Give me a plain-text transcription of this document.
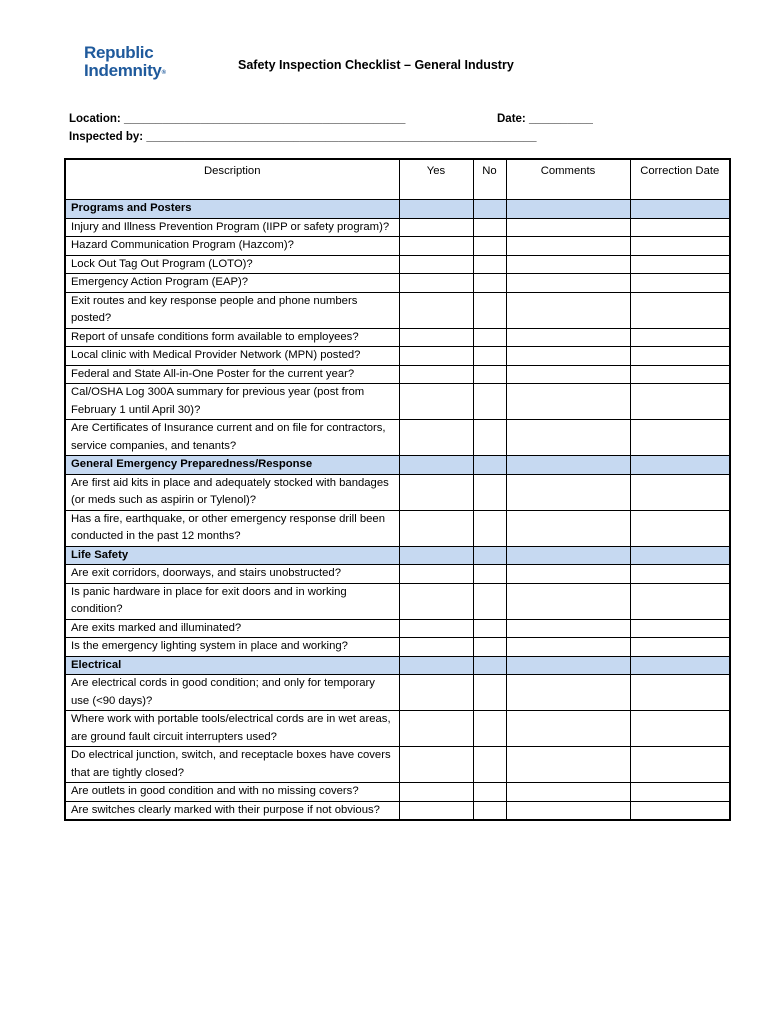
Republic
Indemnity®
Safety Inspection Checklist – General Industry
Location: ____________________________________________	Date: __________
Inspected by: _____________________________________________________________
Description	Yes	No	Comments	Correction Date
Programs and Posters				
Injury and Illness Prevention Program (IIPP or safety program)?				
Hazard Communication Program (Hazcom)?				
Lock Out Tag Out Program (LOTO)?				
Emergency Action Program (EAP)?				
Exit routes and key response people and phone numbers posted?				
Report of unsafe conditions form available to employees?				
Local clinic with Medical Provider Network (MPN) posted?				
Federal and State All-in-One Poster for the current year?				
Cal/OSHA Log 300A summary for previous year (post from February 1 until April 30)?				
Are Certificates of Insurance current and on file for contractors, service companies, and tenants?				
General Emergency Preparedness/Response				
Are first aid kits in place and adequately stocked with bandages (or meds such as aspirin or Tylenol)?				
Has a fire, earthquake, or other emergency response drill been conducted in the past 12 months?				
Life Safety				
Are exit corridors, doorways, and stairs unobstructed?				
Is panic hardware in place for exit doors and in working condition?				
Are exits marked and illuminated?				
Is the emergency lighting system in place and working?				
Electrical				
Are electrical cords in good condition; and only for temporary use (<90 days)?				
Where work with portable tools/electrical cords are in wet areas, are ground fault circuit interrupters used?				
Do electrical junction, switch, and receptacle boxes have covers that are tightly closed?				
Are outlets in good condition and with no missing covers?				
Are switches clearly marked with their purpose if not obvious?				
